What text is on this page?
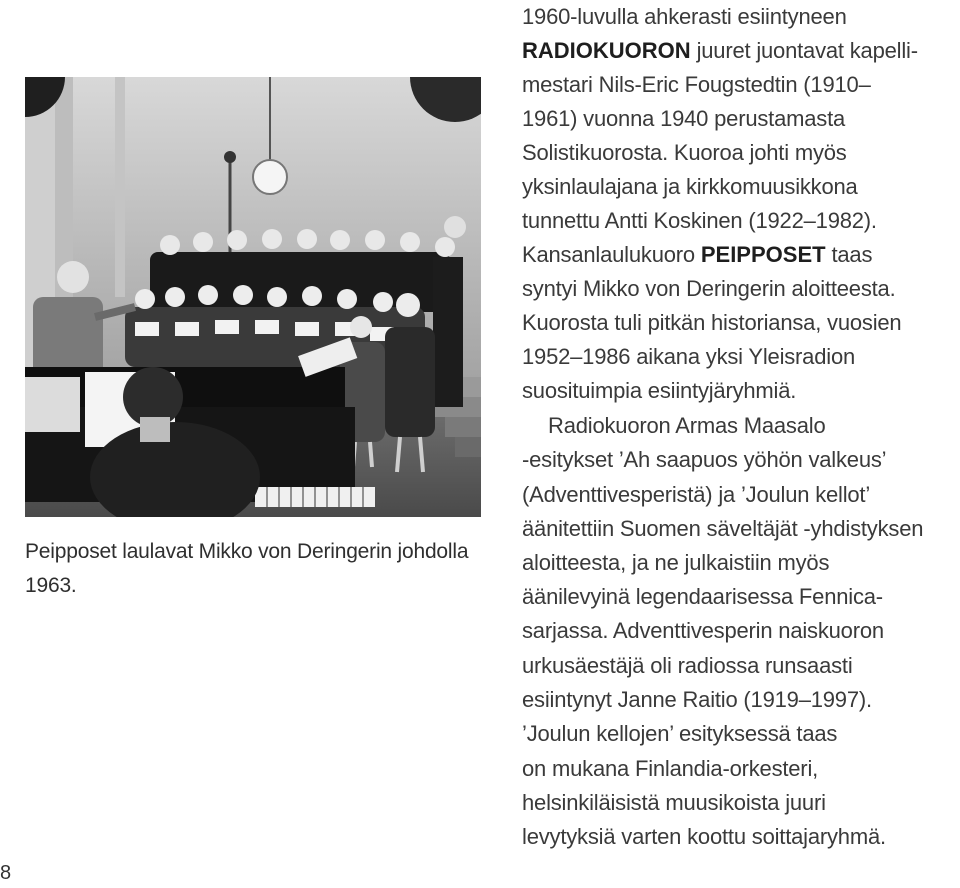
Peipposet laulavat Mikko von Deringerin johdolla
1963.
1960-luvulla ahkerasti esiintyneen
RADIOKUORON juuret juontavat kapelli-
mestari Nils-Eric Fougstedtin (1910–
1961) vuonna 1940 perustamasta
Solistikuorosta. Kuoroa johti myös
yksinlaulajana ja kirkkomuusikkona
tunnettu Antti Koskinen (1922–1982).
Kansanlaulukuoro PEIPPOSET taas
syntyi Mikko von Deringerin aloitteesta.
Kuorosta tuli pitkän historiansa, vuosien
1952–1986 aikana yksi Yleisradion
suosituimpia esiintyjäryhmiä.
Radiokuoron Armas Maasalo
-esitykset ’Ah saapuos yöhön valkeus’
(Adventtivesperistä) ja ’Joulun kellot’
äänitettiin Suomen säveltäjät -yhdistyksen
aloitteesta, ja ne julkaistiin myös
äänilevyinä legendaarisessa Fennica-
sarjassa. Adventtivesperin naiskuoron
urkusäestäjä oli radiossa runsaasti
esiintynyt Janne Raitio (1919–1997).
’Joulun kellojen’ esityksessä taas
on mukana Finlandia-orkesteri,
helsinkiläisistä muusikoista juuri
levytyksiä varten koottu soittajaryhmä.
8
